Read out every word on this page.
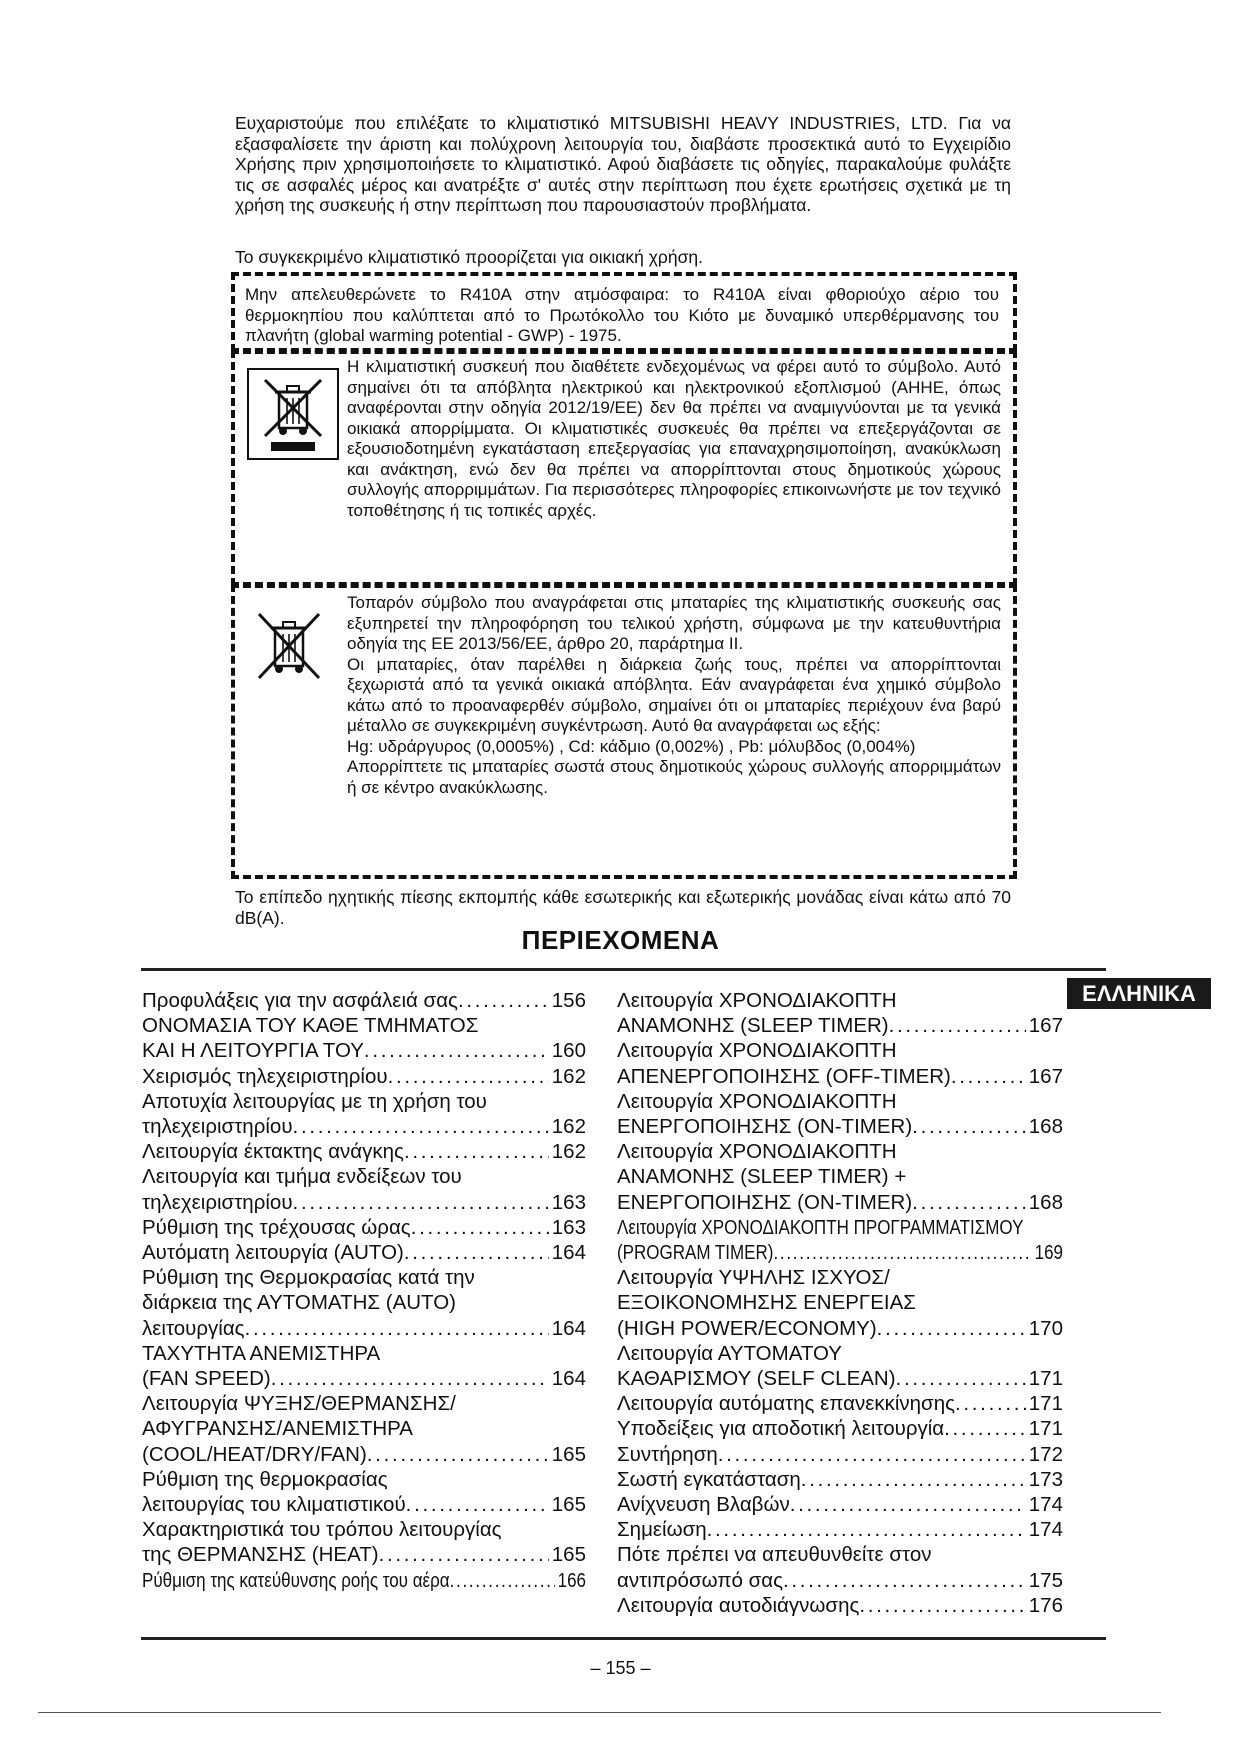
Ευχαριστούμε που επιλέξατε το κλιματιστικό MITSUBISHI HEAVY INDUSTRIES, LTD. Για να εξασφαλίσετε την άριστη και πολύχρονη λειτουργία του, διαβάστε προσεκτικά αυτό το Εγχειρίδιο Χρήσης πριν χρησιμοποιήσετε το κλιματιστικό. Αφού διαβάσετε τις οδηγίες, παρακαλούμε φυλάξτε τις σε ασφαλές μέρος και ανατρέξτε σ' αυτές στην περίπτωση που έχετε ερωτήσεις σχετικά με τη χρήση της συσκευής ή στην περίπτωση που παρουσιαστούν προβλήματα.
Το συγκεκριμένο κλιματιστικό προορίζεται για οικιακή χρήση.
Μην απελευθερώνετε το R410A στην ατμόσφαιρα: το R410A είναι φθοριούχο αέριο του θερμοκηπίου που καλύπτεται από το Πρωτόκολλο του Κιότο με δυναμικό υπερθέρμανσης του πλανήτη (global warming potential - GWP) - 1975.
Η κλιματιστική συσκευή που διαθέτετε ενδεχομένως να φέρει αυτό το σύμβολο. Αυτό σημαίνει ότι τα απόβλητα ηλεκτρικού και ηλεκτρονικού εξοπλισμού (ΑΗΗΕ, όπως αναφέρονται στην οδηγία 2012/19/ΕΕ) δεν θα πρέπει να αναμιγνύονται με τα γενικά οικιακά απορρίμματα. Οι κλιματιστικές συσκευές θα πρέπει να επεξεργάζονται σε εξουσιοδοτημένη εγκατάσταση επεξεργασίας για επαναχρησιμοποίηση, ανακύκλωση και ανάκτηση, ενώ δεν θα πρέπει να απορρίπτονται στους δημοτικούς χώρους συλλογής απορριμμάτων. Για περισσότερες πληροφορίες επικοινωνήστε με τον τεχνικό τοποθέτησης ή τις τοπικές αρχές.
Τοπαρόν σύμβολο που αναγράφεται στις μπαταρίες της κλιματιστικής συσκευής σας εξυπηρετεί την πληροφόρηση του τελικού χρήστη, σύμφωνα με την κατευθυντήρια οδηγία της ΕΕ 2013/56/ΕΕ, άρθρο 20, παράρτημα ΙΙ.
Οι μπαταρίες, όταν παρέλθει η διάρκεια ζωής τους, πρέπει να απορρίπτονται ξεχωριστά από τα γενικά οικιακά απόβλητα. Εάν αναγράφεται ένα χημικό σύμβολο κάτω από το προαναφερθέν σύμβολο, σημαίνει ότι οι μπαταρίες περιέχουν ένα βαρύ μέταλλο σε συγκεκριμένη συγκέντρωση. Αυτό θα αναγράφεται ως εξής:
Hg: υδράργυρος (0,0005%) , Cd: κάδμιο (0,002%) , Pb: μόλυβδος (0,004%)
Απορρίπτετε τις μπαταρίες σωστά στους δημοτικούς χώρους συλλογής απορριμμάτων ή σε κέντρο ανακύκλωσης.
Το επίπεδο ηχητικής πίεσης εκπομπής κάθε εσωτερικής και εξωτερικής μονάδας είναι κάτω από 70 dB(A).
ΠΕΡΙΕΧΟΜΕΝΑ
ΕΛΛΗΝΙΚΑ
Προφυλάξεις για την ασφάλειά σας . . .	156
ΟΝΟΜΑΣΙΑ ΤΟΥ ΚΑΘΕ ΤΜΗΜΑΤΟΣ
ΚΑΙ Η ΛΕΙΤΟΥΡΓΙΑ ΤΟΥ . . .	160
Χειρισμός τηλεχειριστηρίου . . .	162
Αποτυχία λειτουργίας με τη χρήση του
τηλεχειριστηρίου . . .	162
Λειτουργία έκτακτης ανάγκης . . .	162
Λειτουργία και τμήμα ενδείξεων του
τηλεχειριστηρίου . . .	163
Ρύθμιση της τρέχουσας ώρας . . .	163
Αυτόματη λειτουργία (AUTO) . . .	164
Ρύθμιση της Θερμοκρασίας κατά την
διάρκεια της ΑΥΤΟΜΑΤΗΣ (AUTO)
λειτουργίας . . .	164
ΤΑΧΥΤΗΤΑ ΑΝΕΜΙΣΤΗΡΑ
(FAN SPEED) . . .	164
Λειτουργία ΨΥΞΗΣ/ΘΕΡΜΑΝΣΗΣ/
ΑΦΥΓΡΑΝΣΗΣ/ΑΝΕΜΙΣΤΗΡΑ
(COOL/HEAT/DRY/FAN) . . .	165
Ρύθμιση της θερμοκρασίας
λειτουργίας του κλιματιστικού . . .	165
Χαρακτηριστικά του τρόπου λειτουργίας
της ΘΕΡΜΑΝΣΗΣ (HEAT) . . .	165
Ρύθμιση της κατεύθυνσης ροής του αέρα . . .	166
Λειτουργία ΧΡΟΝΟΔΙΑΚΟΠΤΗ
ΑΝΑΜΟΝΗΣ (SLEEP TIMER) . . .	167
Λειτουργία ΧΡΟΝΟΔΙΑΚΟΠΤΗ
ΑΠΕΝΕΡΓΟΠΟΙΗΣΗΣ (OFF-TIMER) . . .	167
Λειτουργία ΧΡΟΝΟΔΙΑΚΟΠΤΗ
ΕΝΕΡΓΟΠΟΙΗΣΗΣ (ON-TIMER) . . .	168
Λειτουργία ΧΡΟΝΟΔΙΑΚΟΠΤΗ
ΑΝΑΜΟΝΗΣ (SLEEP TIMER) +
ΕΝΕΡΓΟΠΟΙΗΣΗΣ (ON-TIMER) . . .	168
Λειτουργία ΧΡΟΝΟΔΙΑΚΟΠΤΗ ΠΡΟΓΡΑΜΜΑΤΙΣΜΟΥ
(PROGRAM TIMER) . . .	169
Λειτουργία ΥΨΗΛΗΣ ΙΣΧΥΟΣ/
ΕΞΟΙΚΟΝΟΜΗΣΗΣ ΕΝΕΡΓΕΙΑΣ
(HIGH POWER/ECONOMY) . . .	170
Λειτουργία ΑΥΤΟΜΑΤΟΥ
ΚΑΘΑΡΙΣΜΟΥ (SELF CLEAN) . . .	171
Λειτουργία αυτόματης επανεκκίνησης . . .	171
Υποδείξεις για αποδοτική λειτουργία . . .	171
Συντήρηση . . .	172
Σωστή εγκατάσταση . . .	173
Ανίχνευση Βλαβών . . .	174
Σημείωση . . .	174
Πότε πρέπει να απευθυνθείτε στον
αντιπρόσωπό σας . . .	175
Λειτουργία αυτοδιάγνωσης . . .	176
– 155 –
